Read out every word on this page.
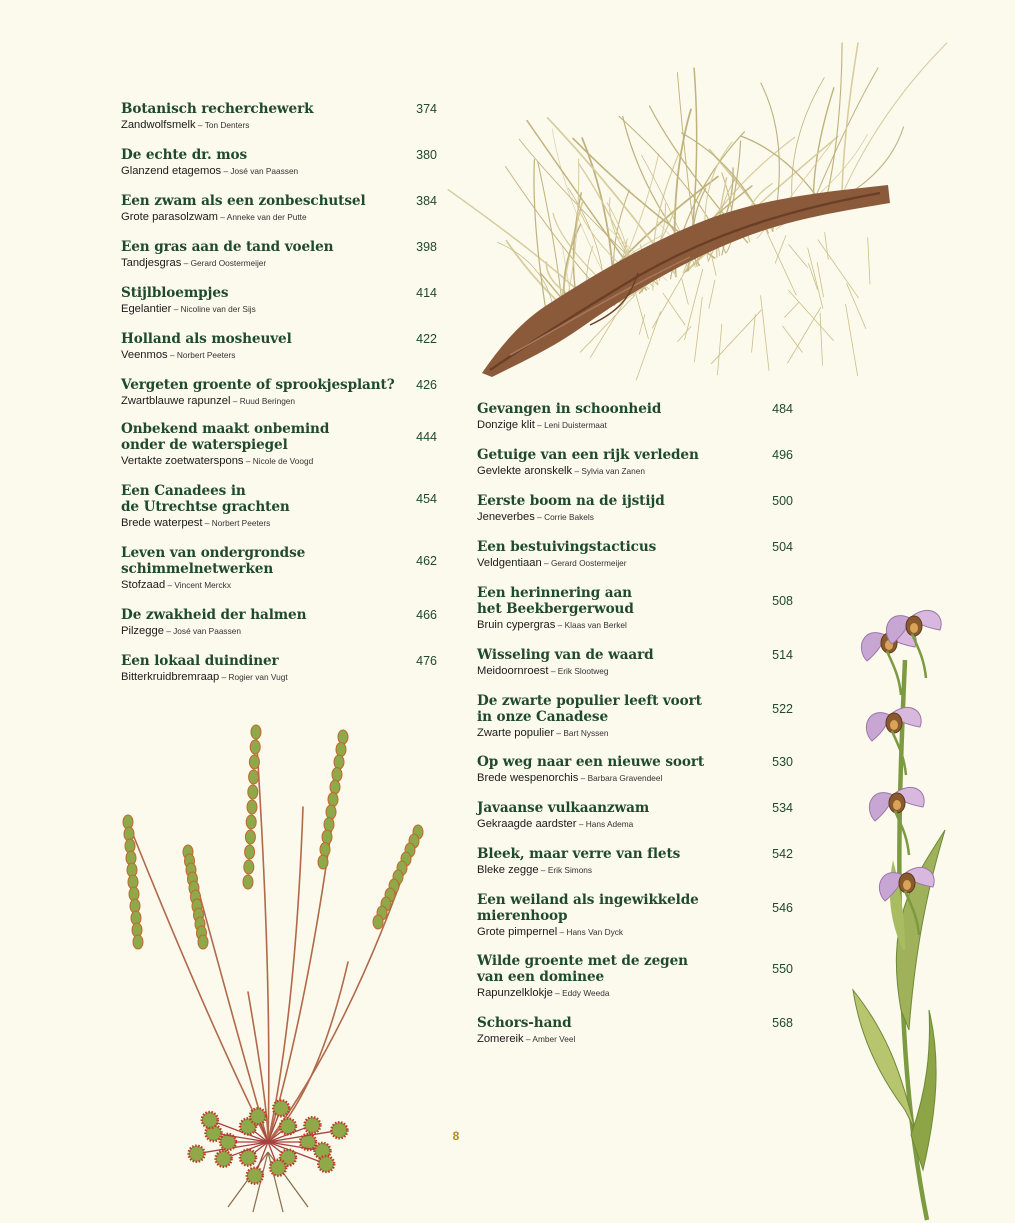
Botanisch recherchewerk
Zandwolfsmelk – Ton Denters
374
De echte dr. mos
Glanzend etagemos – José van Paassen
380
Een zwam als een zonbeschutsel
Grote parasolzwam – Anneke van der Putte
384
Een gras aan de tand voelen
Tandjesgras – Gerard Oostermeijer
398
Stijlbloempjes
Egelantier – Nicoline van der Sijs
414
Holland als mosheuvel
Veenmos – Norbert Peeters
422
Vergeten groente of sprookjesplant?
Zwartblauwe rapunzel – Ruud Beringen
426
Onbekend maakt onbemind
onder de waterspiegel
Vertakte zoetwaterspons – Nicole de Voogd
444
Een Canadees in
de Utrechtse grachten
Brede waterpest – Norbert Peeters
454
Leven van ondergrondse
schimmelnetwerken
Stofzaad – Vincent Merckx
462
De zwakheid der halmen
Pilzegge – José van Paassen
466
Een lokaal duindiner
Bitterkruidbremraap – Rogier van Vugt
476
Gevangen in schoonheid
Donzige klit – Leni Duistermaat
484
Getuige van een rijk verleden
Gevlekte aronskelk – Sylvia van Zanen
496
Eerste boom na de ijstijd
Jeneverbes – Corrie Bakels
500
Een bestuivingstacticus
Veldgentiaan – Gerard Oostermeijer
504
Een herinnering aan
het Beekbergerwoud
Bruin cypergras – Klaas van Berkel
508
Wisseling van de waard
Meidoornroest – Erik Slootweg
514
De zwarte populier leeft voort
in onze Canadese
Zwarte populier – Bart Nyssen
522
Op weg naar een nieuwe soort
Brede wespenorchis – Barbara Gravendeel
530
Javaanse vulkaanzwam
Gekraagde aardster – Hans Adema
534
Bleek, maar verre van flets
Bleke zegge – Erik Simons
542
Een weiland als ingewikkelde
mierenhoop
Grote pimpernel – Hans Van Dyck
546
Wilde groente met de zegen
van een dominee
Rapunzelklokje – Eddy Weeda
550
Schors-hand
Zomereik – Amber Veel
568
8
